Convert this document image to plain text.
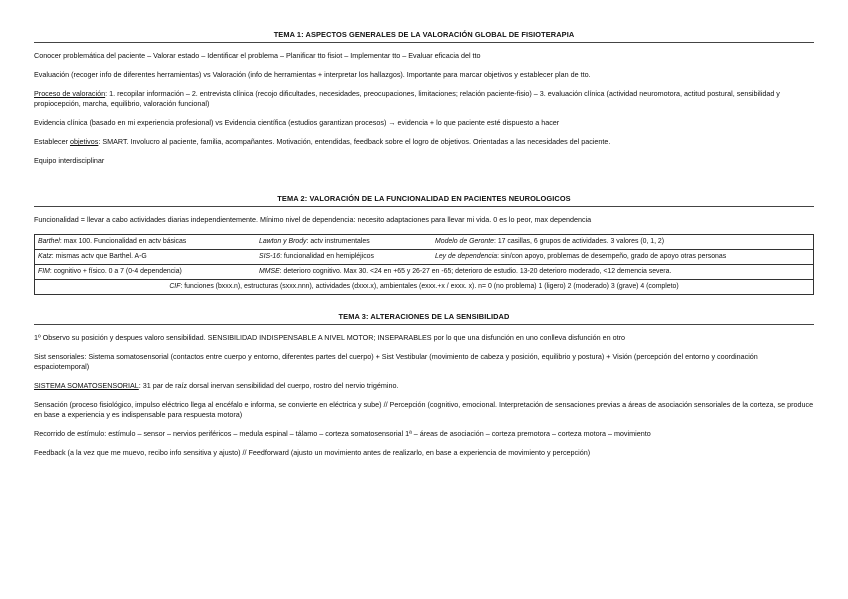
TEMA 1: ASPECTOS GENERALES DE LA VALORACIÓN GLOBAL DE FISIOTERAPIA

Conocer problemática del paciente – Valorar estado – Identificar el problema – Planificar tto fisiot – Implementar tto – Evaluar eficacia del tto

Evaluación (recoger info de diferentes herramientas) vs Valoración (info de herramientas + interpretar los hallazgos). Importante para marcar objetivos y establecer plan de tto.

Proceso de valoración: 1. recopilar información – 2. entrevista clínica (recojo dificultades, necesidades, preocupaciones, limitaciones; relación paciente-fisio) – 3. evaluación clínica (actividad neuromotora, actitud postural, sensibilidad y propiocepción, marcha, equilibrio, valoración funcional)

Evidencia clínica (basado en mi experiencia profesional) vs Evidencia científica (estudios garantizan procesos) → evidencia + lo que paciente esté dispuesto a hacer

Establecer objetivos: SMART. Involucro al paciente, familia, acompañantes. Motivación, entendidas, feedback sobre el logro de objetivos. Orientadas a las necesidades del paciente.

Equipo interdisciplinar

TEMA 2: VALORACIÓN DE LA FUNCIONALIDAD EN PACIENTES NEUROLOGICOS

Funcionalidad = llevar a cabo actividades diarias independientemente. Mínimo nivel de dependencia: necesito adaptaciones para llevar mi vida. 0 es lo peor, max dependencia

Barthel: max 100. Funcionalidad en actv básicas	Lawton y Brody: actv instrumentales	Modelo de Geronte: 17 casillas, 6 grupos de actividades. 3 valores (0, 1, 2)
Katz: mismas actv que Barthel. A-G	SIS-16: funcionalidad en hemipléjicos	Ley de dependencia: sin/con apoyo, problemas de desempeño, grado de apoyo otras personas
FIM: cognitivo + físico. 0 a 7 (0-4 dependencia)	MMSE: deterioro cognitivo. Max 30. <24 en +65 y 26-27 en -65; deterioro de estudio. 13-20 deterioro moderado, <12 demencia severa.	
CIF: funciones (bxxx.n), estructuras (sxxx.nnn), actividades (dxxx.x), ambientales (exxx.+x / exxx. x). n= 0 (no problema) 1 (ligero) 2 (moderado) 3 (grave) 4 (completo)		
TEMA 3: ALTERACIONES DE LA SENSIBILIDAD

1º Observo su posición y despues valoro sensibilidad. SENSIBILIDAD INDISPENSABLE A NIVEL MOTOR; INSEPARABLES por lo que una disfunción en uno conlleva disfunción en otro

Sist sensoriales: Sistema somatosensorial (contactos entre cuerpo y entorno, diferentes partes del cuerpo) + Sist Vestibular (movimiento de cabeza y posición, equilibrio y postura) + Visión (percepción del entorno y coordinación espaciotemporal)

SISTEMA SOMATOSENSORIAL: 31 par de raíz dorsal inervan sensibilidad del cuerpo, rostro del nervio trigémino.

Sensación (proceso fisiológico, impulso eléctrico llega al encéfalo e informa, se convierte en eléctrica y sube) // Percepción (cognitivo, emocional. Interpretación de sensaciones previas a áreas de asociación sensoriales de la corteza, se produce en base a experiencia y es indispensable para respuesta motora)

Recorrido de estímulo: estímulo – sensor – nervios periféricos – medula espinal – tálamo – corteza somatosensorial 1ª – áreas de asociación – corteza premotora – corteza motora – movimiento

Feedback (a la vez que me muevo, recibo info sensitiva y ajusto) // Feedforward (ajusto un movimiento antes de realizarlo, en base a experiencia de movimiento y percepción)
